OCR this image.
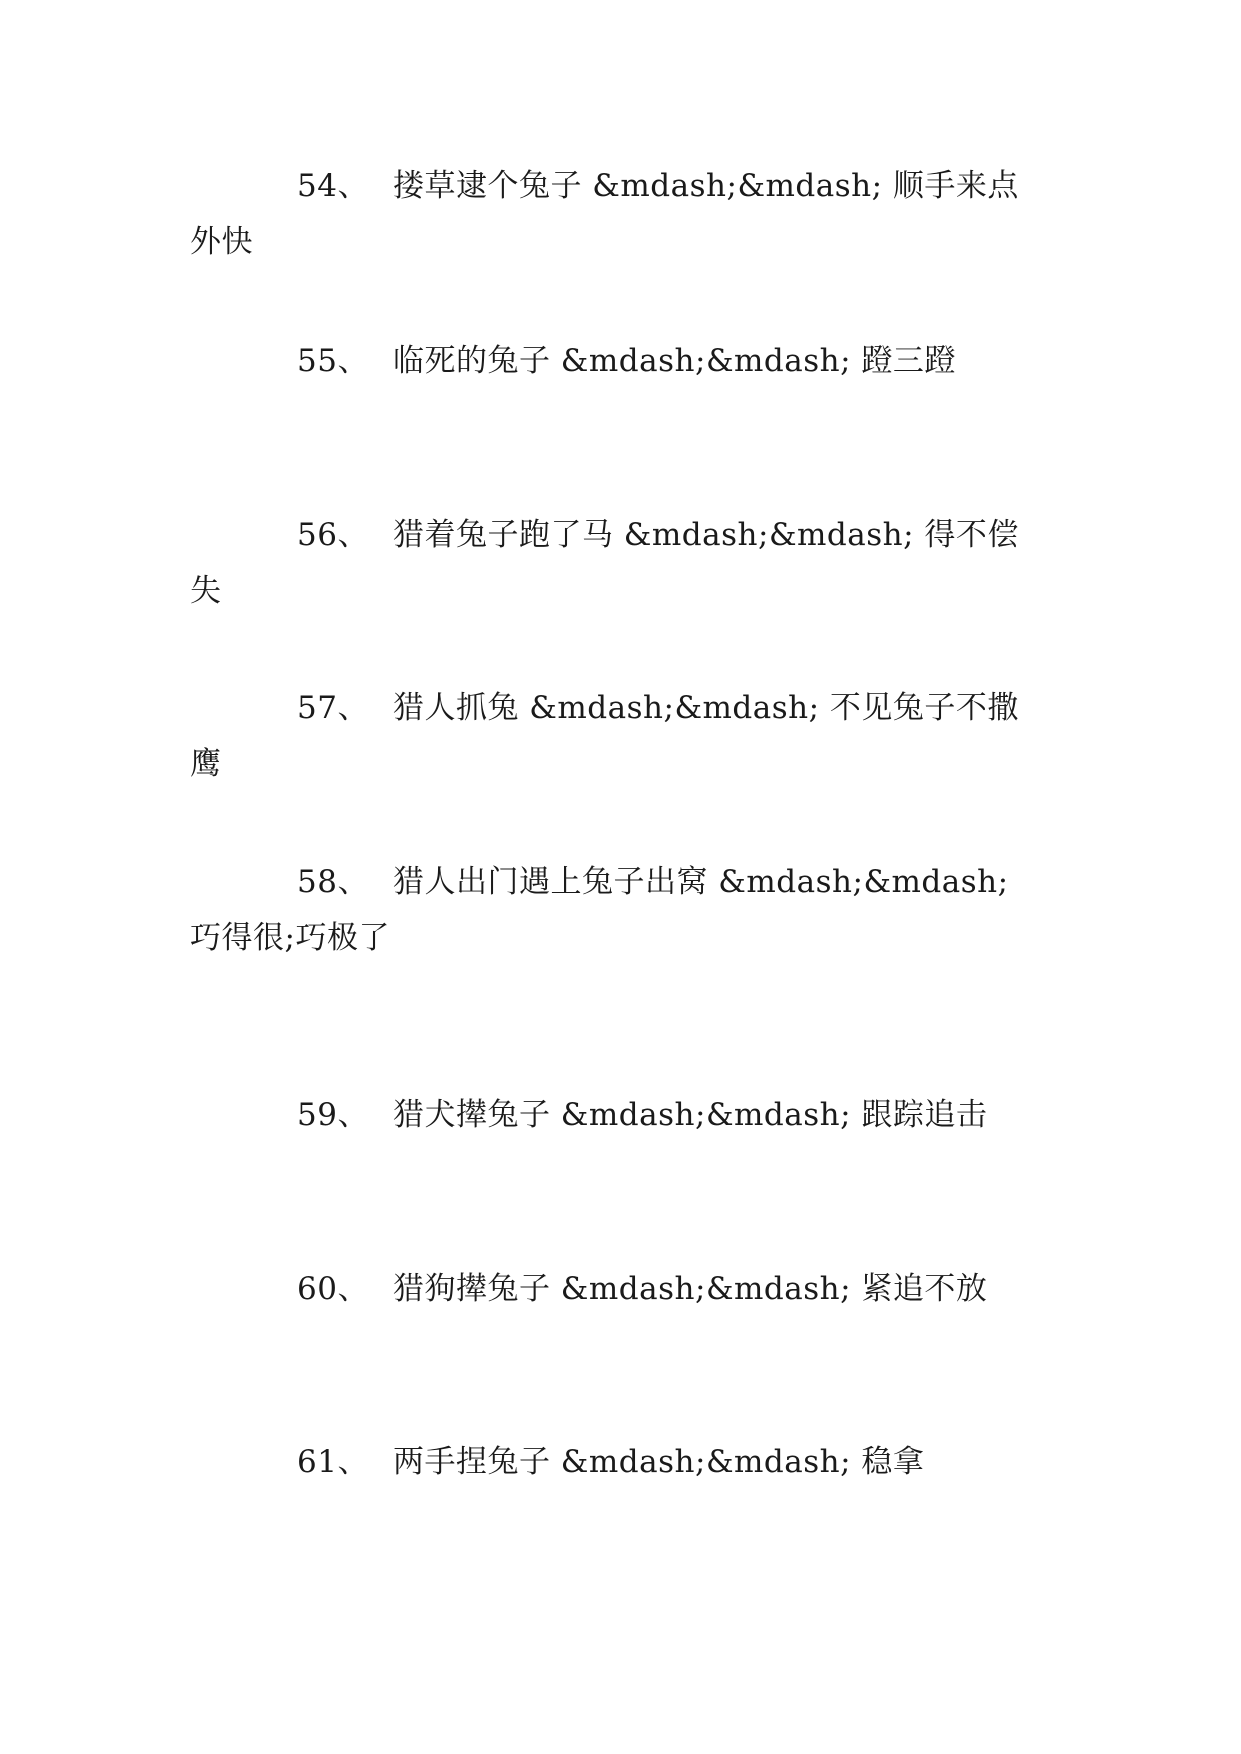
54、 搂草逮个兔子 &mdash;&mdash; 顺手来点外快

55、 临死的兔子 &mdash;&mdash; 蹬三蹬

56、 猎着兔子跑了马 &mdash;&mdash; 得不偿失

57、 猎人抓兔 &mdash;&mdash; 不见兔子不撒鹰

58、 猎人出门遇上兔子出窝 &mdash;&mdash; 巧得很;巧极了

59、 猎犬撵兔子 &mdash;&mdash; 跟踪追击

60、 猎狗撵兔子 &mdash;&mdash; 紧追不放

61、 两手捏兔子 &mdash;&mdash; 稳拿
